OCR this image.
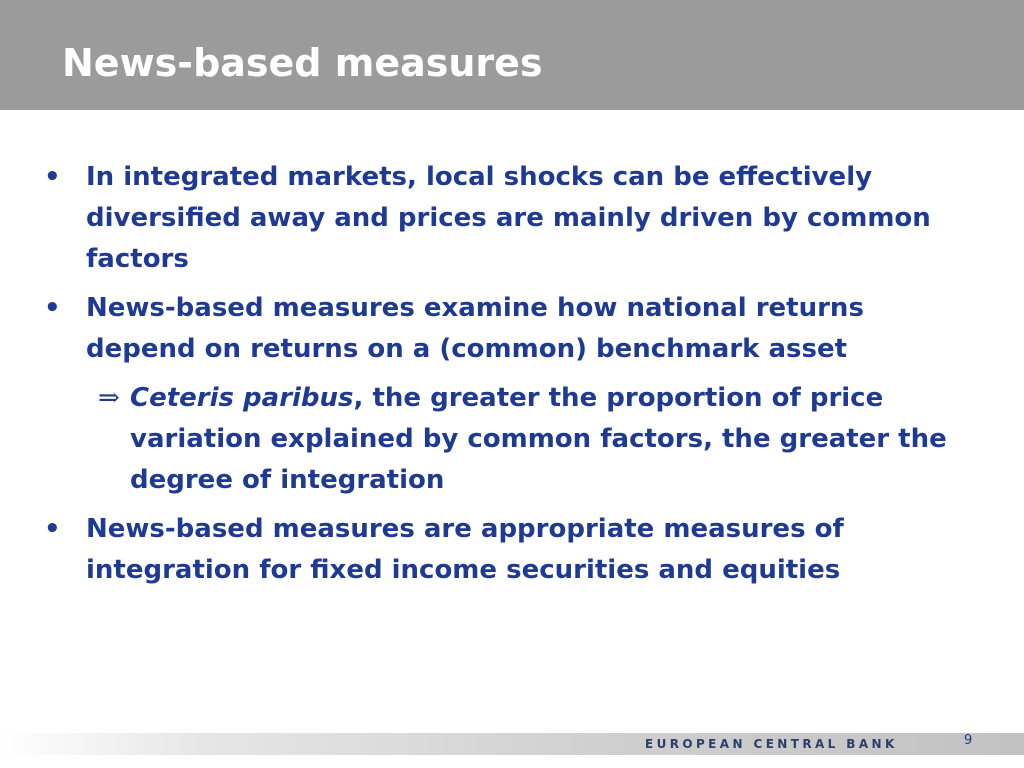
News-based measures
• In integrated markets, local shocks can be effectively diversified away and prices are mainly driven by common factors
• News-based measures examine how national returns depend on returns on a (common) benchmark asset
⇒ Ceteris paribus, the greater the proportion of price variation explained by common factors, the greater the degree of integration
• News-based measures are appropriate measures of integration for fixed income securities and equities
EUROPEAN CENTRAL BANK	9
